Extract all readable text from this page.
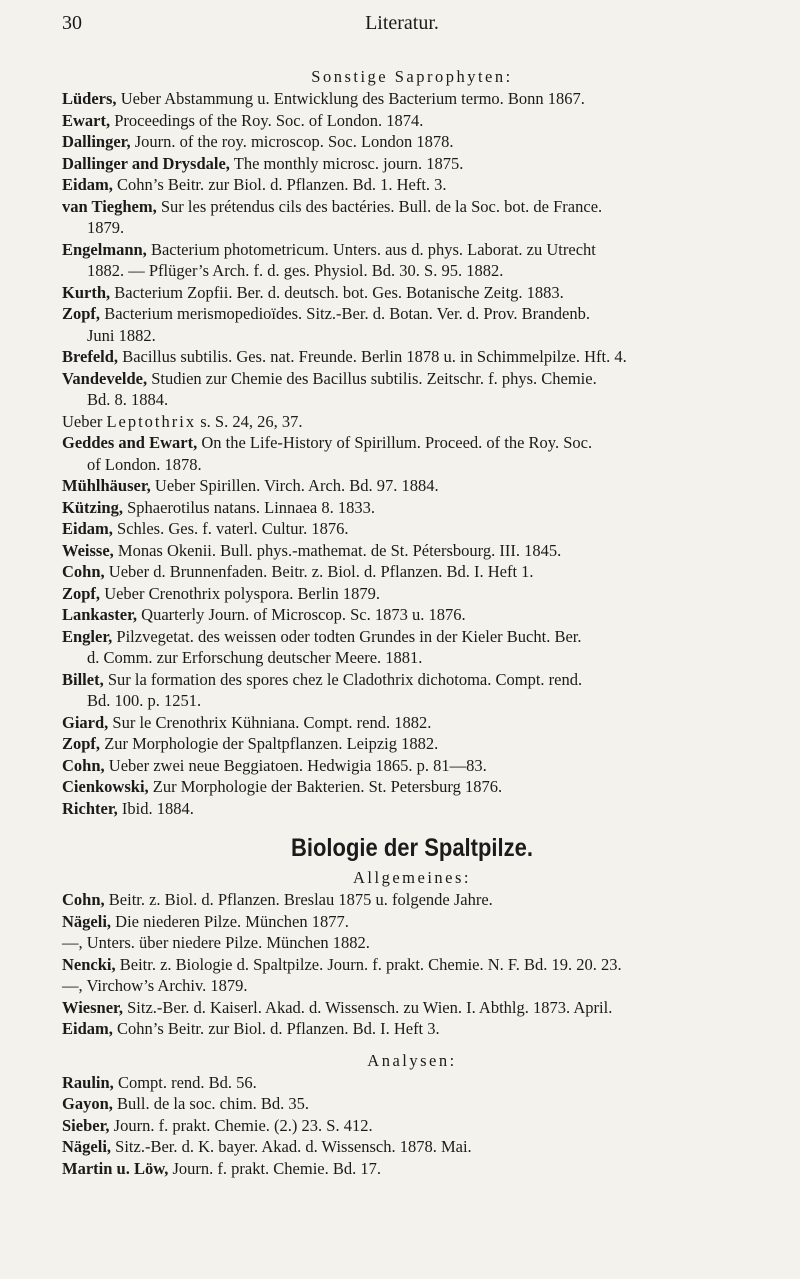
30	Literatur.
Sonstige Saprophyten:
Lüders, Ueber Abstammung u. Entwicklung des Bacterium termo. Bonn 1867.
Ewart, Proceedings of the Roy. Soc. of London. 1874.
Dallinger, Journ. of the roy. microscop. Soc. London 1878.
Dallinger and Drysdale, The monthly microsc. journ. 1875.
Eidam, Cohn’s Beitr. zur Biol. d. Pflanzen. Bd. 1. Heft. 3.
van Tieghem, Sur les prétendus cils des bactéries. Bull. de la Soc. bot. de France.
1879.
Engelmann, Bacterium photometricum. Unters. aus d. phys. Laborat. zu Utrecht
1882. — Pflüger’s Arch. f. d. ges. Physiol. Bd. 30. S. 95. 1882.
Kurth, Bacterium Zopfii. Ber. d. deutsch. bot. Ges. Botanische Zeitg. 1883.
Zopf, Bacterium merismopedioïdes. Sitz.-Ber. d. Botan. Ver. d. Prov. Brandenb.
Juni 1882.
Brefeld, Bacillus subtilis. Ges. nat. Freunde. Berlin 1878 u. in Schimmelpilze. Hft. 4.
Vandevelde, Studien zur Chemie des Bacillus subtilis. Zeitschr. f. phys. Chemie.
Bd. 8. 1884.
Ueber Leptothrix s. S. 24, 26, 37.
Geddes and Ewart, On the Life-History of Spirillum. Proceed. of the Roy. Soc.
of London. 1878.
Mühlhäuser, Ueber Spirillen. Virch. Arch. Bd. 97. 1884.
Kützing, Sphaerotilus natans. Linnaea 8. 1833.
Eidam, Schles. Ges. f. vaterl. Cultur. 1876.
Weisse, Monas Okenii. Bull. phys.-mathemat. de St. Pétersbourg. III. 1845.
Cohn, Ueber d. Brunnenfaden. Beitr. z. Biol. d. Pflanzen. Bd. I. Heft 1.
Zopf, Ueber Crenothrix polyspora. Berlin 1879.
Lankaster, Quarterly Journ. of Microscop. Sc. 1873 u. 1876.
Engler, Pilzvegetat. des weissen oder todten Grundes in der Kieler Bucht. Ber.
d. Comm. zur Erforschung deutscher Meere. 1881.
Billet, Sur la formation des spores chez le Cladothrix dichotoma. Compt. rend.
Bd. 100. p. 1251.
Giard, Sur le Crenothrix Kühniana. Compt. rend. 1882.
Zopf, Zur Morphologie der Spaltpflanzen. Leipzig 1882.
Cohn, Ueber zwei neue Beggiatoen. Hedwigia 1865. p. 81—83.
Cienkowski, Zur Morphologie der Bakterien. St. Petersburg 1876.
Richter, Ibid. 1884.
Biologie der Spaltpilze.
Allgemeines:
Cohn, Beitr. z. Biol. d. Pflanzen. Breslau 1875 u. folgende Jahre.
Nägeli, Die niederen Pilze. München 1877.
—, Unters. über niedere Pilze. München 1882.
Nencki, Beitr. z. Biologie d. Spaltpilze. Journ. f. prakt. Chemie. N. F. Bd. 19. 20. 23.
—, Virchow’s Archiv. 1879.
Wiesner, Sitz.-Ber. d. Kaiserl. Akad. d. Wissensch. zu Wien. I. Abthlg. 1873. April.
Eidam, Cohn’s Beitr. zur Biol. d. Pflanzen. Bd. I. Heft 3.
Analysen:
Raulin, Compt. rend. Bd. 56.
Gayon, Bull. de la soc. chim. Bd. 35.
Sieber, Journ. f. prakt. Chemie. (2.) 23. S. 412.
Nägeli, Sitz.-Ber. d. K. bayer. Akad. d. Wissensch. 1878. Mai.
Martin u. Löw, Journ. f. prakt. Chemie. Bd. 17.
